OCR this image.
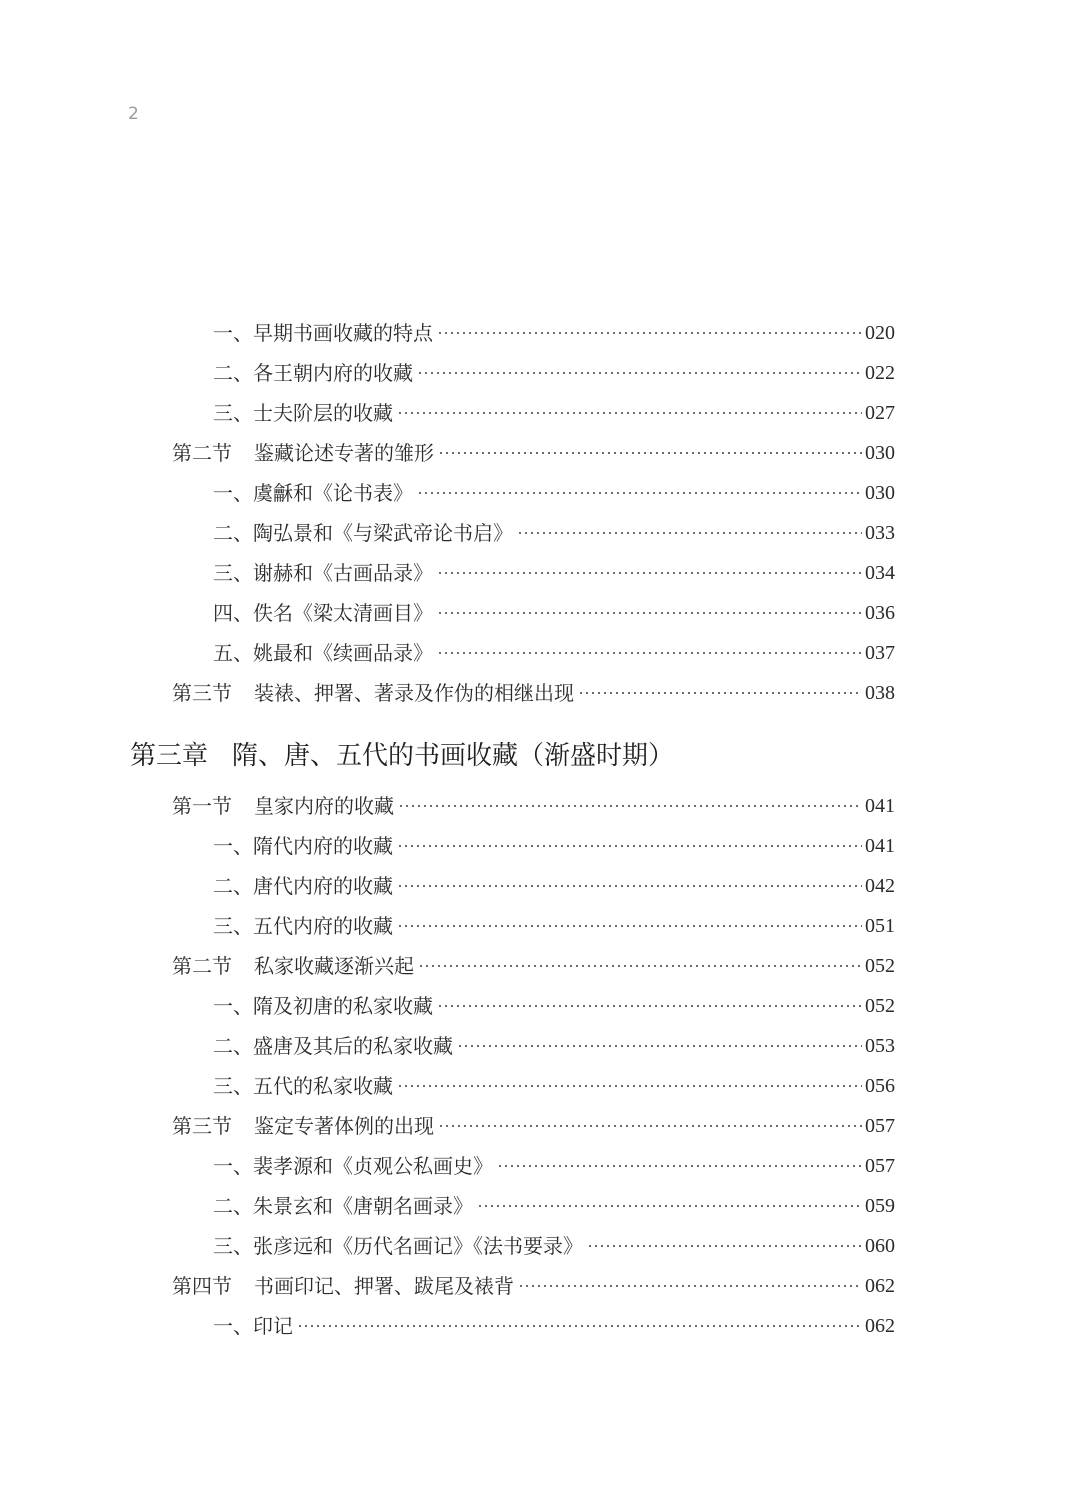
2
一、早期书画收藏的特点	020
二、各王朝内府的收藏	022
三、士夫阶层的收藏	027
第二节 鉴藏论述专著的雏形	030
一、虞龢和《论书表》	030
二、陶弘景和《与梁武帝论书启》	033
三、谢赫和《古画品录》	034
四、佚名《梁太清画目》	036
五、姚最和《续画品录》	037
第三节 装裱、押署、著录及作伪的相继出现	038
第三章 隋、唐、五代的书画收藏（渐盛时期）
第一节 皇家内府的收藏	041
一、隋代内府的收藏	041
二、唐代内府的收藏	042
三、五代内府的收藏	051
第二节 私家收藏逐渐兴起	052
一、隋及初唐的私家收藏	052
二、盛唐及其后的私家收藏	053
三、五代的私家收藏	056
第三节 鉴定专著体例的出现	057
一、裴孝源和《贞观公私画史》	057
二、朱景玄和《唐朝名画录》	059
三、张彦远和《历代名画记》《法书要录》	060
第四节 书画印记、押署、跋尾及裱背	062
一、印记	062
